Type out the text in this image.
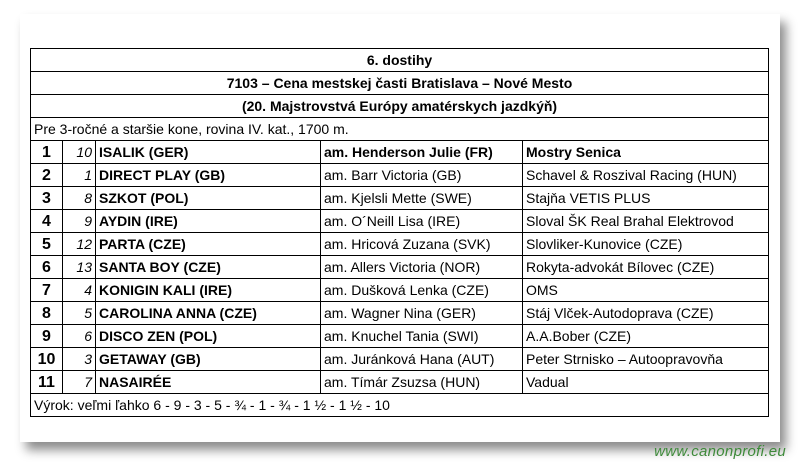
6. dostihy				
7103 – Cena mestskej časti Bratislava – Nové Mesto				
(20. Majstrovstvá Európy amatérskych jazdkýň)				
Pre 3-ročné a staršie kone, rovina IV. kat., 1700 m.				
1	10	ISALIK (GER)	am. Henderson Julie (FR)	Mostry Senica
2	1	DIRECT PLAY (GB)	am. Barr Victoria (GB)	Schavel & Roszival Racing (HUN)
3	8	SZKOT (POL)	am. Kjelsli Mette (SWE)	Stajňa VETIS PLUS
4	9	AYDIN (IRE)	am. O´Neill Lisa (IRE)	Sloval ŠK Real Brahal Elektrovod
5	12	PARTA (CZE)	am. Hricová Zuzana (SVK)	Slovliker-Kunovice (CZE)
6	13	SANTA BOY (CZE)	am. Allers Victoria (NOR)	Rokyta-advokát Bílovec (CZE)
7	4	KONIGIN KALI (IRE)	am. Dušková Lenka (CZE)	OMS
8	5	CAROLINA ANNA (CZE)	am. Wagner Nina (GER)	Stáj Vlček-Autodoprava (CZE)
9	6	DISCO ZEN (POL)	am. Knuchel Tania (SWI)	A.A.Bober (CZE)
10	3	GETAWAY (GB)	am. Juránková Hana (AUT)	Peter Strnisko – Autoopravovňa
11	7	NASAIRÉE	am. Tímár Zsuzsa (HUN)	Vadual
Výrok: veľmi ľahko 6 - 9 - 3 - 5 - ¾ - 1 - ¾ - 1 ½ - 1 ½ - 10				
www.canonprofi.eu
